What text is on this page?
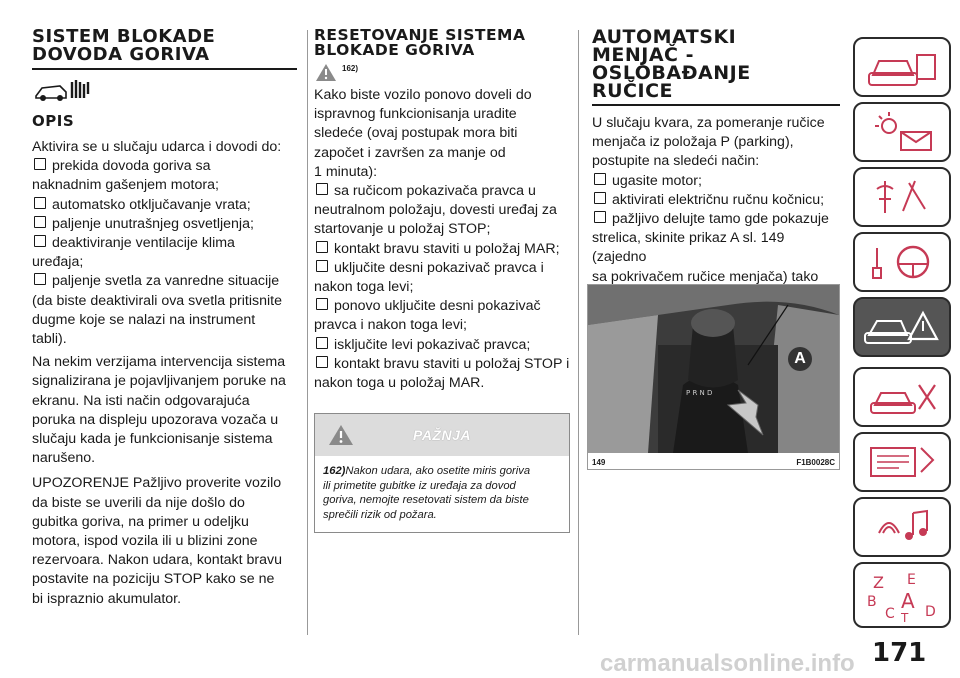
SISTEM BLOKADE
DOVODA GORIVA
OPIS

Aktivira se u slučaju udarca i dovodi do:

prekida dovoda goriva sa

naknadnim gašenjem motora;

automatsko otključavanje vrata;

paljenje unutrašnjeg osvetljenja;

deaktiviranje ventilacije klima

uređaja;

paljenje svetla za vanredne situacije

(da biste deaktivirali ova svetla pritisnite

dugme koje se nalazi na instrument

tabli).

Na nekim verzijama intervencija sistema

signalizirana je pojavljivanjem poruke na

ekranu. Na isti način odgovarajuća

poruka na displeju upozorava vozača u

slučaju kada je funkcionisanje sistema

narušeno.

UPOZORENJE Pažljivo proverite vozilo

da biste se uverili da nije došlo do

gubitka goriva, na primer u odeljku

motora, ispod vozila ili u blizini zone

rezervoara. Nakon udara, kontakt bravu

postavite na poziciju STOP kako se ne

bi ispraznio akumulator.

RESETOVANJE SISTEMA
BLOKADE GORIVA
162)

Kako biste vozilo ponovo doveli do

ispravnog funkcionisanja uradite

sledeće (ovaj postupak mora biti

započet i završen za manje od

1 minuta):

sa ručicom pokazivača pravca u

neutralnom položaju, dovesti uređaj za

startovanje u položaj STOP;

kontakt bravu staviti u položaj MAR;

uključite desni pokazivač pravca i

nakon toga levi;

ponovo uključite desni pokazivač

pravca i nakon toga levi;

isključite levi pokazivač pravca;

kontakt bravu staviti u položaj STOP i

nakon toga u položaj MAR.

PAŽNJA
162)Nakon udara, ako osetite miris goriva
ili primetite gubitke iz uređaja za dovod
goriva, nemojte resetovati sistem da biste
sprečili rizik od požara.
AUTOMATSKI
MENJAČ -
OSLOBAĐANJE
RUČICE

U slučaju kvara, za pomeranje ručice

menjača iz položaja P (parking),

postupite na sledeći način:

ugasite motor;

aktivirati električnu ručnu kočnicu;

pažljivo delujte tamo gde pokazuje

strelica, skinite prikaz A sl. 149 (zajedno

sa pokrivačem ručice menjača) tako

P R N D
A
149	F1B0028C
Z E
B A
C D
T
171
carmanualsonline.info
